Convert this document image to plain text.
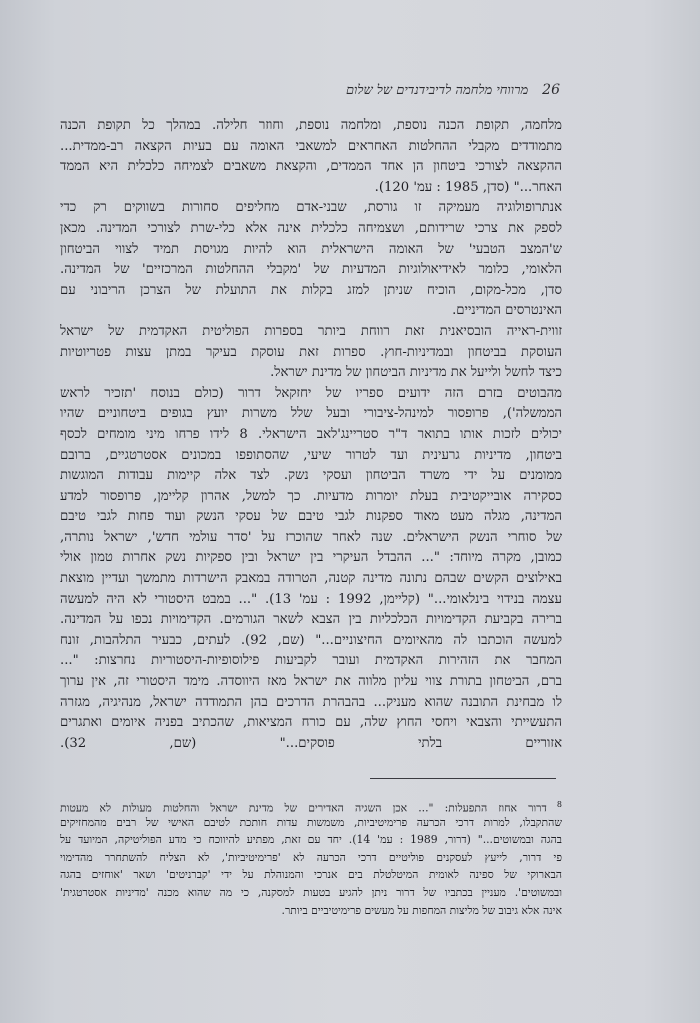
26
מרווחי מלחמה לדיבידנדים של שלום
מלחמה, תקופת הכנה נוספת, ומלחמה נוספת, וחוזר חלילה. במהלך כל תקופת הכנה
מתמודדים מקבלי ההחלטות האחראים למשאבי האומה עם בעיות הקצאה רב-ממדית...
ההקצאה לצורכי ביטחון הן אחד הממדים, והקצאת משאבים לצמיחה כלכלית היא הממד
האחר..." (סדן, 1985 : עמ' 120).
אנתרופולוגיה מעמיקה זו גורסת, שבני-אדם מחליפים סחורות בשווקים רק כדי
לספק את צרכי שרידותם, ושצמיחה כלכלית אינה אלא כלי-שרת לצורכי המדינה. מכאן
ש'המצב הטבעי' של האומה הישראלית הוא להיות מגויסת תמיד לצווי הביטחון
הלאומי, כלומר לאידיאולוגיות המדעיות של 'מקבלי ההחלטות המרכזיים' של המדינה.
סדן, מכל-מקום, הוכיח שניתן למזג בקלות את התועלת של הצרכן הריבוני עם
האינטרסים המדיניים.
זווית-ראייה הובסיאנית זאת רווחת ביותר בספרות הפוליטית האקדמית של ישראל
העוסקת בביטחון ובמדיניות-חוץ. ספרות זאת עוסקת בעיקר במתן עצות פטריוטיות
כיצד לחשל ולייעל את מדיניות הביטחון של מדינת ישראל.
מהבוטים בזרם הזה ידועים ספריו של יחזקאל דרור (כולם בנוסח 'תזכיר לראש
הממשלה'), פרופסור למינהל-ציבורי ובעל שלל משרות יועץ בגופים ביטחוניים שהיו
יכולים לזכות אותו בתואר ד"ר סטריינג'לאב הישראלי. 8 לידו פרחו מיני מומחים לכסף
ביטחון, מדיניות גרעינית ועד לטרור שיעי, שהסתופפו במכונים אסטרטגיים, ברובם
ממומנים על ידי משרד הביטחון ועסקי נשק. לצד אלה קיימות עבודות המוגשות
כסקירה אובייקטיבית בעלת יומרות מדעיות. כך למשל, אהרון קליימן, פרופסור למדע
המדינה, מגלה מעט מאוד ספקנות לגבי טיבם של עסקי הנשק ועוד פחות לגבי טיבם
של סוחרי הנשק הישראלים. שנה לאחר שהוכרז על 'סדר עולמי חדש', ישראל נותרה,
כמובן, מקרה מיוחד: "... ההבדל העיקרי בין ישראל ובין ספקיות נשק אחרות טמון אולי
באילוצים הקשים שבהם נתונה מדינה קטנה, הטרודה במאבק הישרדות מתמשך ועדיין מוצאת
עצמה בנידוי בינלאומי..." (קליימן, 1992 : עמ' 13). "... במבט היסטורי לא היה למעשה
ברירה בקביעת הקדימויות הכלכליות בין הצבא לשאר הגורמים. הקדימויות נכפו על המדינה.
למעשה הוכתבו לה מהאיומים החיצוניים..." (שם, 92). לעתים, כבעיר התלהבות, זונח
המחבר את הזהירות האקדמית ועובר לקביעות פילוסופיות-היסטוריות נחרצות: "...
ברם, הביטחון בתורת צווי עליון מלווה את ישראל מאז היווסדה. מימד היסטורי זה, אין ערוך
לו מבחינת התובנה שהוא מעניק... בהבהרת הדרכים בהן התמודדה ישראל, מנהיגיה, מגזרה
התעשייתי והצבאי ויחסי החוץ שלה, עם כורח המציאות, שהכתיב בפניה איומים ואתגרים
אזוריים בלתי פוסקים..." (שם, 32).
$^8$ דרור אחוז התפעלות: "... אכן השגיה האדירים של מדינת ישראל והחלטות מעולות לא מעטות
שהתקבלו, למרות דרכי הכרעה פרימיטיביות, משמשות עדות חותכת לטיבם האישי של רבים מהמחזיקים
בהגה ובמשוטים..." (דרור, 1989 : עמ' 14). יחד עם זאת, מפתיע להיווכח כי מדע הפוליטיקה, המיועד על
פי דרור, לייעץ לעסקנים פוליטיים דרכי הכרעה לא 'פרימיטיביות', לא הצליח להשתחרר מהדימוי
הבארוקי של ספינה לאומית המיטלטלת בים אנרכי והמנוהלת על ידי 'קברניטים' ושאר 'אוחזים בהגה
ובמשוטים'. מעניין בכתביו של דרור ניתן להגיע בטעות למסקנה, כי מה שהוא מכנה 'מדיניות אסטרטגית'
אינה אלא גיבוב של מליצות המחפות על מעשים פרימיטיביים ביותר.
